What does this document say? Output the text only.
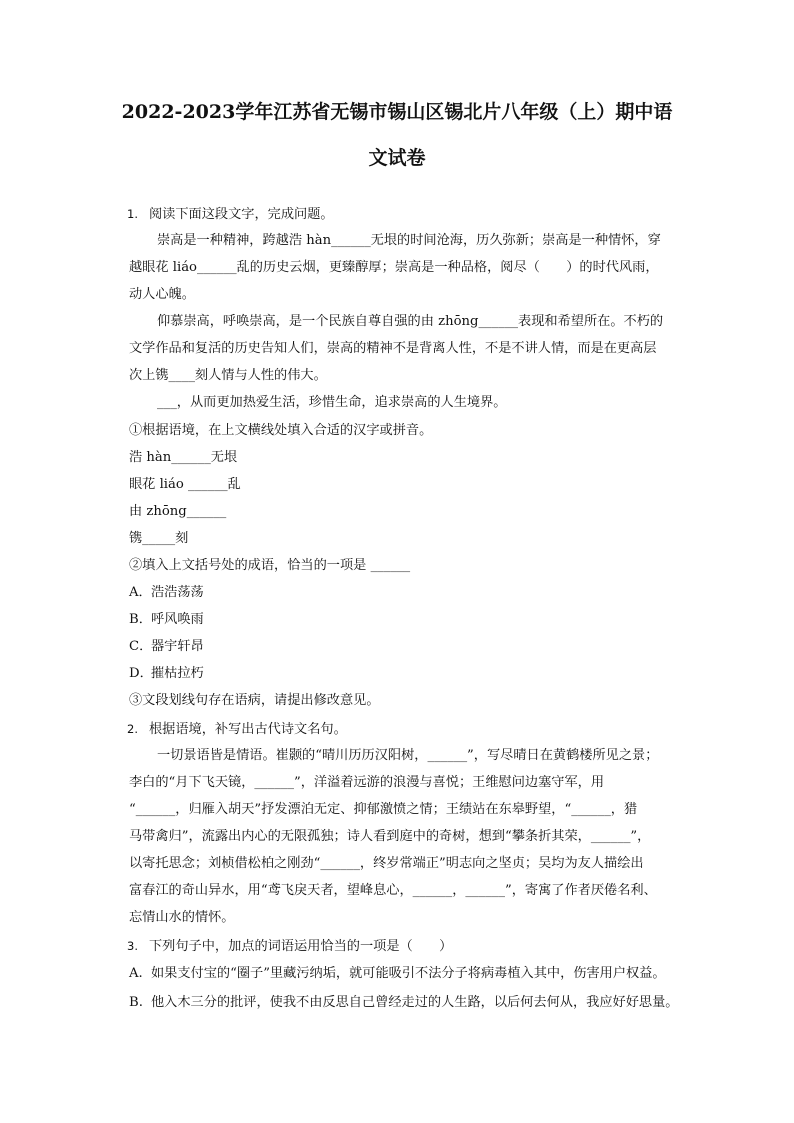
2022-2023学年江苏省无锡市锡山区锡北片八年级（上）期中语
文试卷
1. 阅读下面这段文字，完成问题。
崇高是一种精神，跨越浩 hàn______无垠的时间沧海，历久弥新；崇高是一种情怀，穿
越眼花 liáo______乱的历史云烟，更臻醇厚；崇高是一种品格，阅尽（　　）的时代风雨，
动人心魄。
仰慕崇高，呼唤崇高，是一个民族自尊自强的由 zhōng______表现和希望所在。不朽的
文学作品和复活的历史告知人们，崇高的精神不是背离人性，不是不讲人情，而是在更高层
次上镌____刻人情与人性的伟大。
___，从而更加热爱生活，珍惜生命，追求崇高的人生境界。
①根据语境，在上文横线处填入合适的汉字或拼音。
浩 hàn______无垠
眼花 liáo ______乱
由 zhōng______
镌_____刻
②填入上文括号处的成语，恰当的一项是 ______
A．浩浩荡荡
B．呼风唤雨
C．器宇轩昂
D．摧枯拉朽
③文段划线句存在语病，请提出修改意见。
2. 根据语境，补写出古代诗文名句。
一切景语皆是情语。崔颢的“晴川历历汉阳树，______”，写尽晴日在黄鹤楼所见之景；
李白的“月下飞天镜，______”，洋溢着远游的浪漫与喜悦；王维慰问边塞守军，用
“______，归雁入胡天”抒发漂泊无定、抑郁激愤之情；王绩站在东皋野望，“______，猎
马带禽归”，流露出内心的无限孤独；诗人看到庭中的奇树，想到“攀条折其荣，______”，
以寄托思念；刘桢借松柏之刚劲“______，终岁常端正”明志向之坚贞；吴均为友人描绘出
富春江的奇山异水，用“鸢飞戾天者，望峰息心，______，______”，寄寓了作者厌倦名利、
忘情山水的情怀。
3. 下列句子中，加点的词语运用恰当的一项是（　　）
A. 如果支付宝的“圈子”里藏污纳垢，就可能吸引不法分子将病毒植入其中，伤害用户权益。
B. 他入木三分的批评，使我不由反思自己曾经走过的人生路，以后何去何从，我应好好思量。
